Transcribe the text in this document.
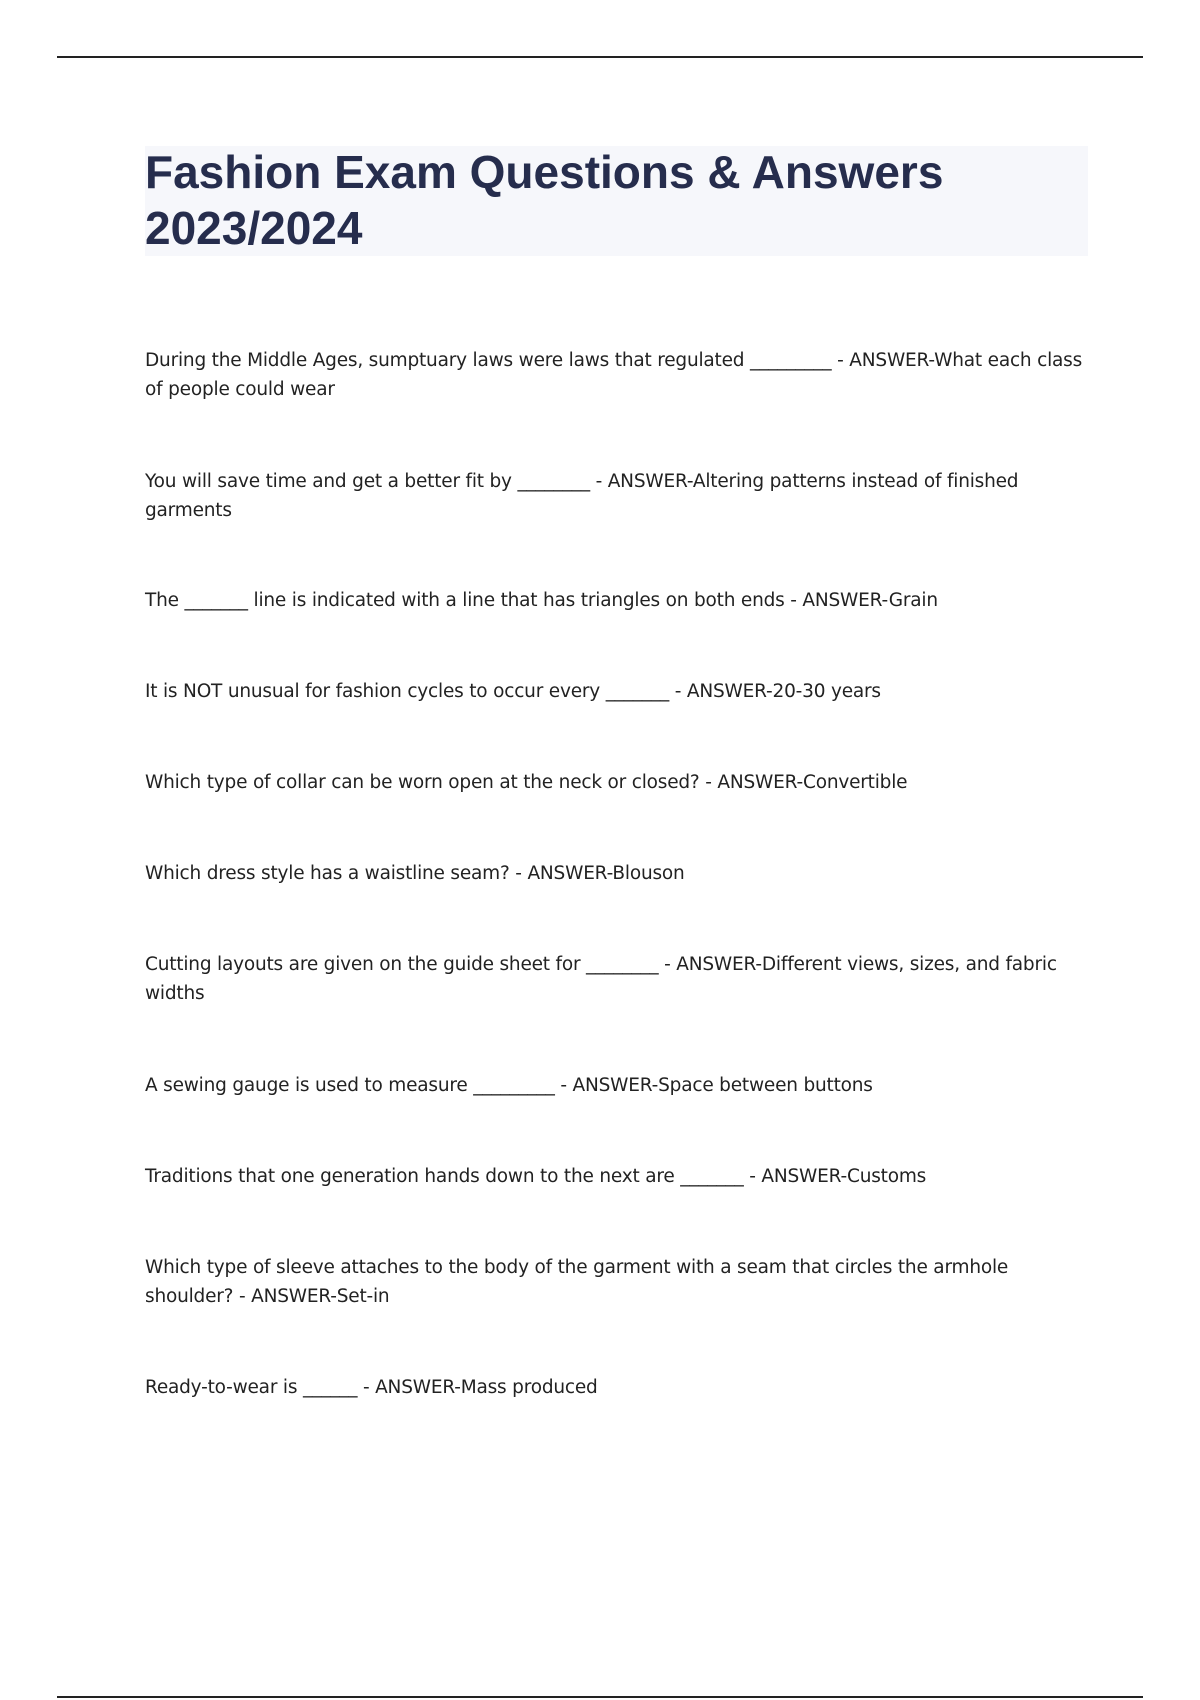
Fashion Exam Questions & Answers 2023/2024

During the Middle Ages, sumptuary laws were laws that regulated _________ - ANSWER-What each class of people could wear

You will save time and get a better fit by ________ - ANSWER-Altering patterns instead of finished garments

The _______ line is indicated with a line that has triangles on both ends - ANSWER-Grain

It is NOT unusual for fashion cycles to occur every _______ - ANSWER-20-30 years

Which type of collar can be worn open at the neck or closed? - ANSWER-Convertible

Which dress style has a waistline seam? - ANSWER-Blouson

Cutting layouts are given on the guide sheet for ________ - ANSWER-Different views, sizes, and fabric widths

A sewing gauge is used to measure _________ - ANSWER-Space between buttons

Traditions that one generation hands down to the next are _______ - ANSWER-Customs

Which type of sleeve attaches to the body of the garment with a seam that circles the armhole shoulder? - ANSWER-Set-in

Ready-to-wear is ______ - ANSWER-Mass produced
